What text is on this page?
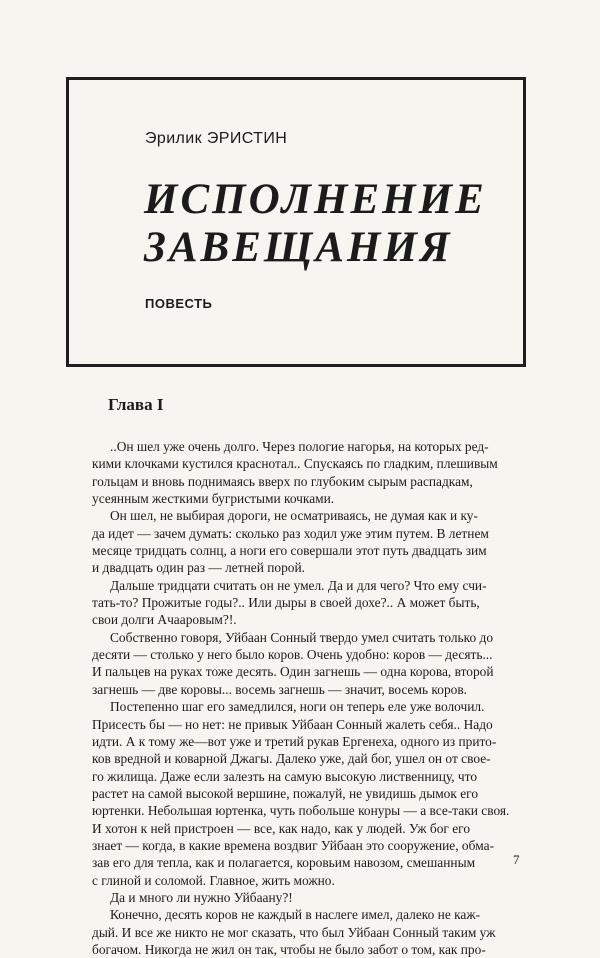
Эрилик ЭРИСТИН
ИСПОЛНЕНИЕ
ЗАВЕЩАНИЯ
ПОВЕСТЬ
Глава I

..Он шел уже очень долго. Через пологие нагорья, на которых ред-
кими клочками кустился краснотал.. Спускаясь по гладким, плешивым
гольцам и вновь поднимаясь вверх по глубоким сырым распадкам,
усеянным жесткими бугристыми кочками.

Он шел, не выбирая дороги, не осматриваясь, не думая как и ку-
да идет — зачем думать: сколько раз ходил уже этим путем. В летнем
месяце тридцать солнц, а ноги его совершали этот путь двадцать зим
и двадцать один раз — летней порой.

Дальше тридцати считать он не умел. Да и для чего? Что ему счи-
тать-то? Прожитые годы?.. Или дыры в своей дохе?.. А может быть,
свои долги Ачааровым?!.

Собственно говоря, Уйбаан Сонный твердо умел считать только до
десяти — столько у него было коров. Очень удобно: коров — десять...
И пальцев на руках тоже десять. Один загнешь — одна корова, второй
загнешь — две коровы... восемь загнешь — значит, восемь коров.

Постепенно шаг его замедлился, ноги он теперь еле уже волочил.
Присесть бы — но нет: не привык Уйбаан Сонный жалеть себя.. Надо
идти. А к тому же—вот уже и третий рукав Ергенеха, одного из прито-
ков вредной и коварной Джагы. Далеко уже, дай бог, ушел он от свое-
го жилища. Даже если залезть на самую высокую лиственницу, что
растет на самой высокой вершине, пожалуй, не увидишь дымок его
юртенки. Небольшая юртенка, чуть побольше конуры — а все-таки своя.
И хотон к ней пристроен — все, как надо, как у людей. Уж бог его
знает — когда, в какие времена воздвиг Уйбаан это сооружение, обма-
зав его для тепла, как и полагается, коровьим навозом, смешанным
с глиной и соломой. Главное, жить можно.

Да и много ли нужно Уйбаану?!

Конечно, десять коров не каждый в наслеге имел, далеко не каж-
дый. И все же никто не мог сказать, что был Уйбаан Сонный таким уж
богачом. Никогда не жил он так, чтобы не было забот о том, как про-

7
